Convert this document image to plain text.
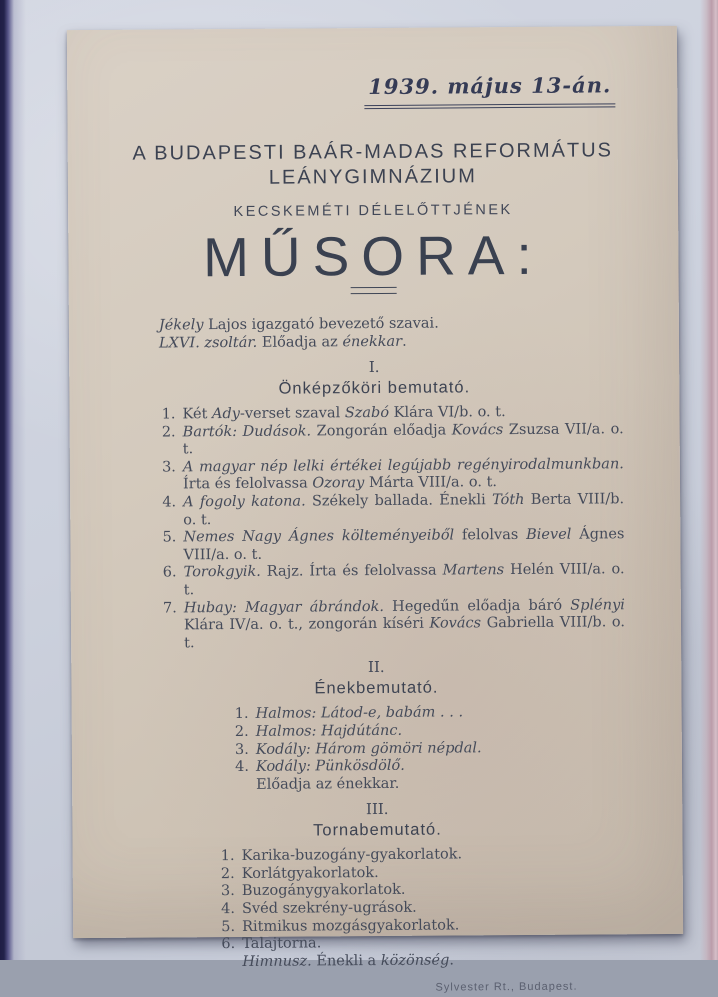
1939. május 13-án.
A BUDAPESTI BAÁR-MADAS REFORMÁTUS
LEÁNYGIMNÁZIUM
KECSKEMÉTI DÉLELŐTTJÉNEK
MŰSORA:
Jékely Lajos igazgató bevezető szavai.
LXVI. zsoltár. Előadja az énekkar.
I.
Önképzőköri bemutató.
1. Két Ady-verset szaval Szabó Klára VI/b. o. t.
2. Bartók: Dudások. Zongorán előadja Kovács Zsuzsa VII/a. o. t.
3. A magyar nép lelki értékei legújabb regényirodalmunkban. Írta és felolvassa Ozoray Márta VIII/a. o. t.
4. A fogoly katona. Székely ballada. Énekli Tóth Berta VIII/b. o. t.
5. Nemes Nagy Ágnes költeményeiből felolvas Bievel Ágnes VIII/a. o. t.
6. Torokgyik. Rajz. Írta és felolvassa Martens Helén VIII/a. o. t.
7. Hubay: Magyar ábrándok. Hegedűn előadja báró Splényi Klára IV/a. o. t., zongorán kíséri Kovács Gabriella VIII/b. o. t.
II.
Énekbemutató.
1. Halmos: Látod-e, babám . . .
2. Halmos: Hajdútánc.
3. Kodály: Három gömöri népdal.
4. Kodály: Pünkösdölő.
Előadja az énekkar.
III.
Tornabemutató.
1. Karika-buzogány-gyakorlatok.
2. Korlátgyakorlatok.
3. Buzogánygyakorlatok.
4. Svéd szekrény-ugrások.
5. Ritmikus mozgásgyakorlatok.
6. Talajtorna.
Himnusz. Énekli a közönség.
Sylvester Rt., Budapest.
